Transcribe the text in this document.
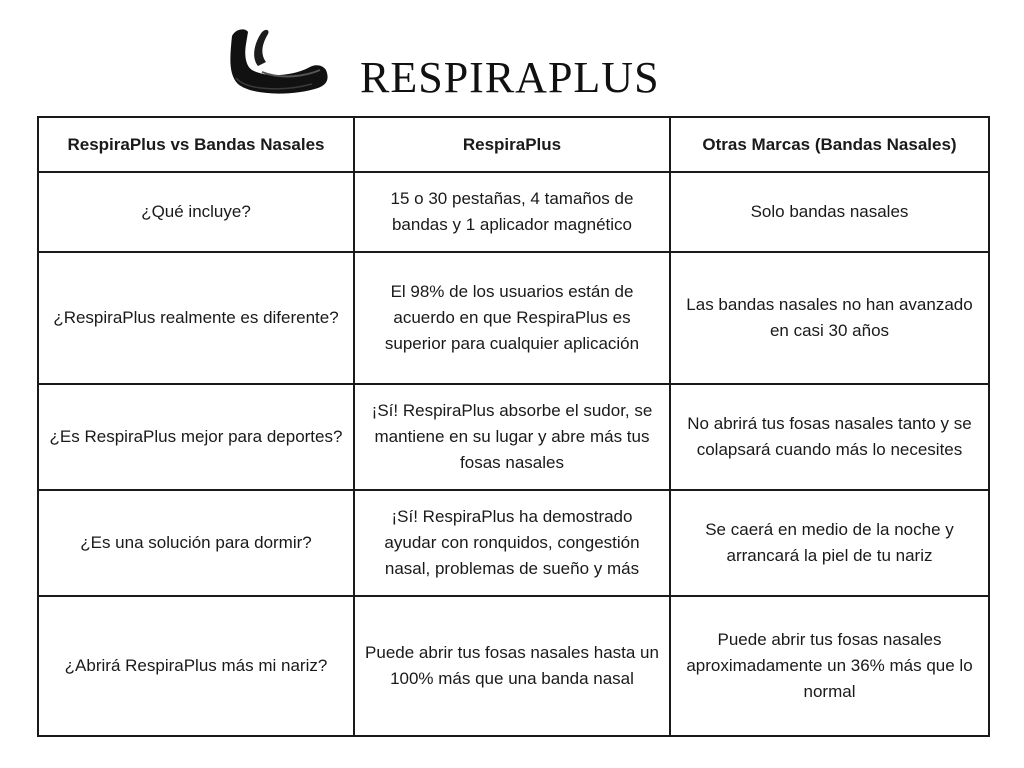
RESPIRAPLUS
RespiraPlus vs Bandas Nasales	RespiraPlus	Otras Marcas (Bandas Nasales)
¿Qué incluye?	15 o 30 pestañas, 4 tamaños de bandas y 1 aplicador magnético	Solo bandas nasales
¿RespiraPlus realmente es diferente?	El 98% de los usuarios están de acuerdo en que RespiraPlus es superior para cualquier aplicación	Las bandas nasales no han avanzado en casi 30 años
¿Es RespiraPlus mejor para deportes?	¡Sí! RespiraPlus absorbe el sudor, se mantiene en su lugar y abre más tus fosas nasales	No abrirá tus fosas nasales tanto y se colapsará cuando más lo necesites
¿Es una solución para dormir?	¡Sí! RespiraPlus ha demostrado ayudar con ronquidos, congestión nasal, problemas de sueño y más	Se caerá en medio de la noche y arrancará la piel de tu nariz
¿Abrirá RespiraPlus más mi nariz?	Puede abrir tus fosas nasales hasta un 100% más que una banda nasal	Puede abrir tus fosas nasales aproximadamente un 36% más que lo normal
